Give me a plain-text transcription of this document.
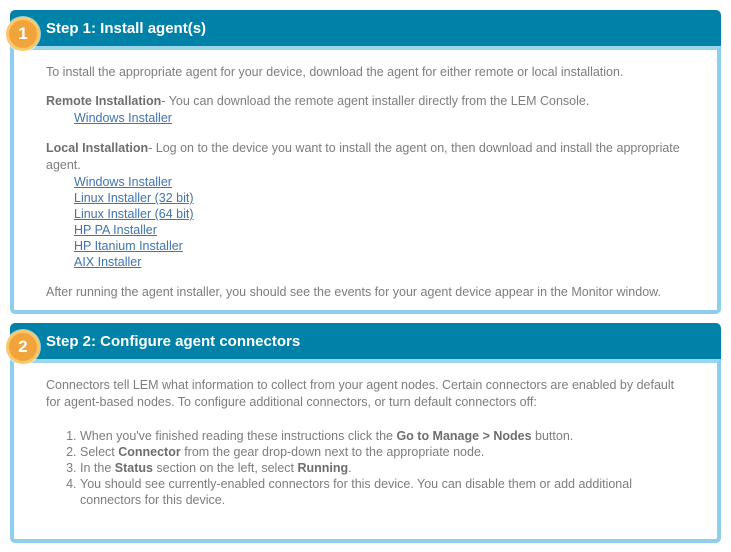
1	Step 1: Install agent(s)

To install the appropriate agent for your device, download the agent for either remote or local installation.

Remote Installation- You can download the remote agent installer directly from the LEM Console.

Windows Installer

Local Installation- Log on to the device you want to install the agent on, then download and install the appropriate agent.

Windows Installer
Linux Installer (32 bit)
Linux Installer (64 bit)
HP PA Installer
HP Itanium Installer
AIX Installer

After running the agent installer, you should see the events for your agent device appear in the Monitor window.

2	Step 2: Configure agent connectors

Connectors tell LEM what information to collect from your agent nodes. Certain connectors are enabled by default for agent-based nodes. To configure additional connectors, or turn default connectors off:

1. When you've finished reading these instructions click the Go to Manage > Nodes button.
2. Select Connector from the gear drop-down next to the appropriate node.
3. In the Status section on the left, select Running.
4. You should see currently-enabled connectors for this device. You can disable them or add additional connectors for this device.
